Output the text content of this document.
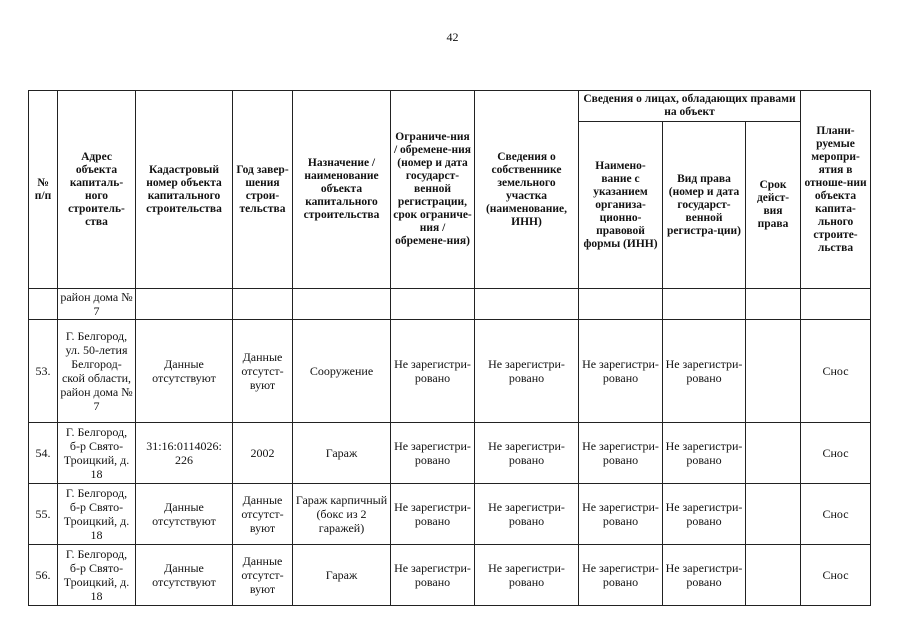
42
№ п/п	Адрес объекта капиталь-ного строитель-ства	Кадастровый номер объекта капитального строительства	Год завер-шения строи-тельства	Назначение / наименование объекта капитального строительства	Ограниче-ния / обремене-ния (номер и дата государст-венной регистрации, срок ограниче-ния / обремене-ния)	Сведения о собственнике земельного участка (наименование, ИНН)	Сведения о лицах, обладающих правами на объект			Плани-руемые меропри-ятия в отноше-нии объекта капита-льного строите-льства
							Наимено-вание с указанием организа-ционно-правовой формы (ИНН)	Вид права (номер и дата государст-венной регистра-ции)	Срок дейст-вия права	
	район дома № 7									
53.	Г. Белгород, ул. 50-летия Белгород-ской области, район дома № 7	Данные отсутствуют	Данные отсутст-вуют	Сооружение	Не зарегистри-ровано	Не зарегистри-ровано	Не зарегистри-ровано	Не зарегистри-ровано		Снос
54.	Г. Белгород, б-р Свято-Троицкий, д. 18	31:16:0114026: 226	2002	Гараж	Не зарегистри-ровано	Не зарегистри-ровано	Не зарегистри-ровано	Не зарегистри-ровано		Снос
55.	Г. Белгород, б-р Свято-Троицкий, д. 18	Данные отсутствуют	Данные отсутст-вуют	Гараж карпичный (бокс из 2 гаражей)	Не зарегистри-ровано	Не зарегистри-ровано	Не зарегистри-ровано	Не зарегистри-ровано		Снос
56.	Г. Белгород, б-р Свято-Троицкий, д. 18	Данные отсутствуют	Данные отсутст-вуют	Гараж	Не зарегистри-ровано	Не зарегистри-ровано	Не зарегистри-ровано	Не зарегистри-ровано		Снос
